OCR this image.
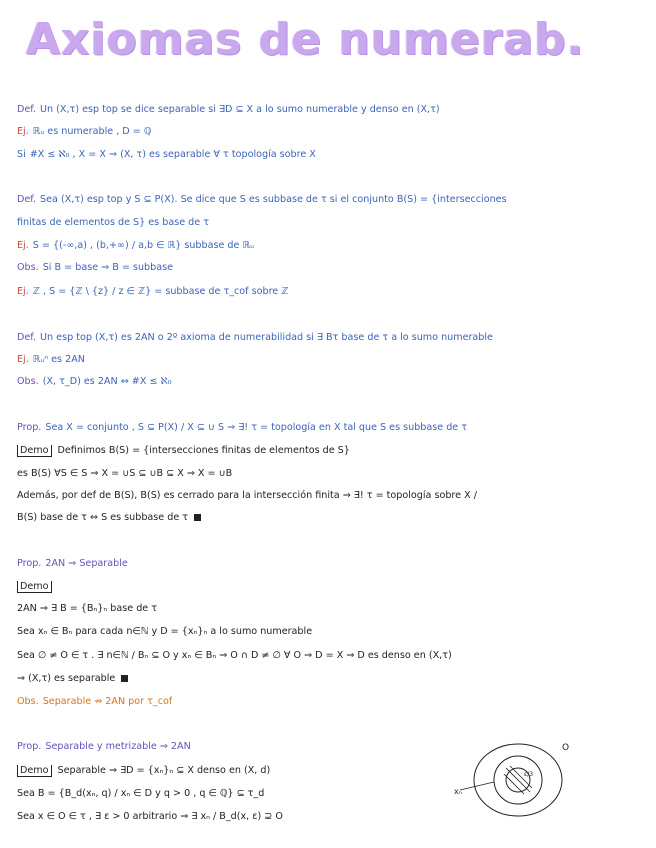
Axiomas de numerab.
Def. Un (X,τ) esp top se dice separable si ∃D ⊆ X a lo sumo numerable y denso en (X,τ)
Ej. ℝᵤ es numerable , D = ℚ
Si #X ≤ ℵ₀ , X̄ = X ⇒ (X, τ) es separable ∀ τ topología sobre X
Def. Sea (X,τ) esp top y S ⊆ P(X). Se dice que S es subbase de τ si el conjunto B(S) = {intersecciones
finitas de elementos de S} es base de τ
Ej. S = {(-∞,a) , (b,+∞) / a,b ∈ ℝ} subbase de ℝᵤ
Obs. Si B = base ⇒ B = subbase
Ej. ℤ , S = {ℤ \ {z} / z ∈ ℤ} = subbase de τ_cof sobre ℤ
Def. Un esp top (X,τ) es 2AN o 2º axioma de numerabilidad si ∃ Bτ base de τ a lo sumo numerable
Ej. ℝᵤⁿ es 2AN
Obs. (X, τ_D) es 2AN ⇔ #X ≤ ℵ₀
Prop. Sea X = conjunto , S ⊆ P(X) / X ⊆ ∪ S ⇒ ∃! τ = topología en X tal que S es subbase de τ
Demo Definimos B(S) = {intersecciones finitas de elementos de S}
es B(S) ∀S ∈ S ⇒ X = ∪S ⊆ ∪B ⊆ X ⇒ X = ∪B
Además, por def de B(S), B(S) es cerrado para la intersección finita ⇒ ∃! τ = topología sobre X /
B(S) base de τ ⇔ S es subbase de τ
Prop. 2AN ⇒ Separable
Demo
2AN ⇒ ∃ B = {Bₙ}ₙ base de τ
Sea xₙ ∈ Bₙ para cada n∈ℕ y D = {xₙ}ₙ a lo sumo numerable
Sea ∅ ≠ O ∈ τ . ∃ n∈ℕ / Bₙ ⊆ O y xₙ ∈ Bₙ ⇒ O ∩ D ≠ ∅ ∀ O ⇒ D̄ = X ⇒ D es denso en (X,τ)
⇒ (X,τ) es separable
Obs. Separable ⇏ 2AN por τ_cof
Prop. Separable y metrizable ⇒ 2AN
Demo Separable ⇒ ∃D = {xₙ}ₙ ⊆ X denso en (X, d)
Sea B = {B_d(xₙ, q) / xₙ ∈ D y q > 0 , q ∈ ℚ} ⊆ τ_d
Sea x ∈ O ∈ τ , ∃ ε > 0 arbitrario ⇒ ∃ xₙ / B_d(x, ε) ⊇ O
O
xₙ
ε/3
